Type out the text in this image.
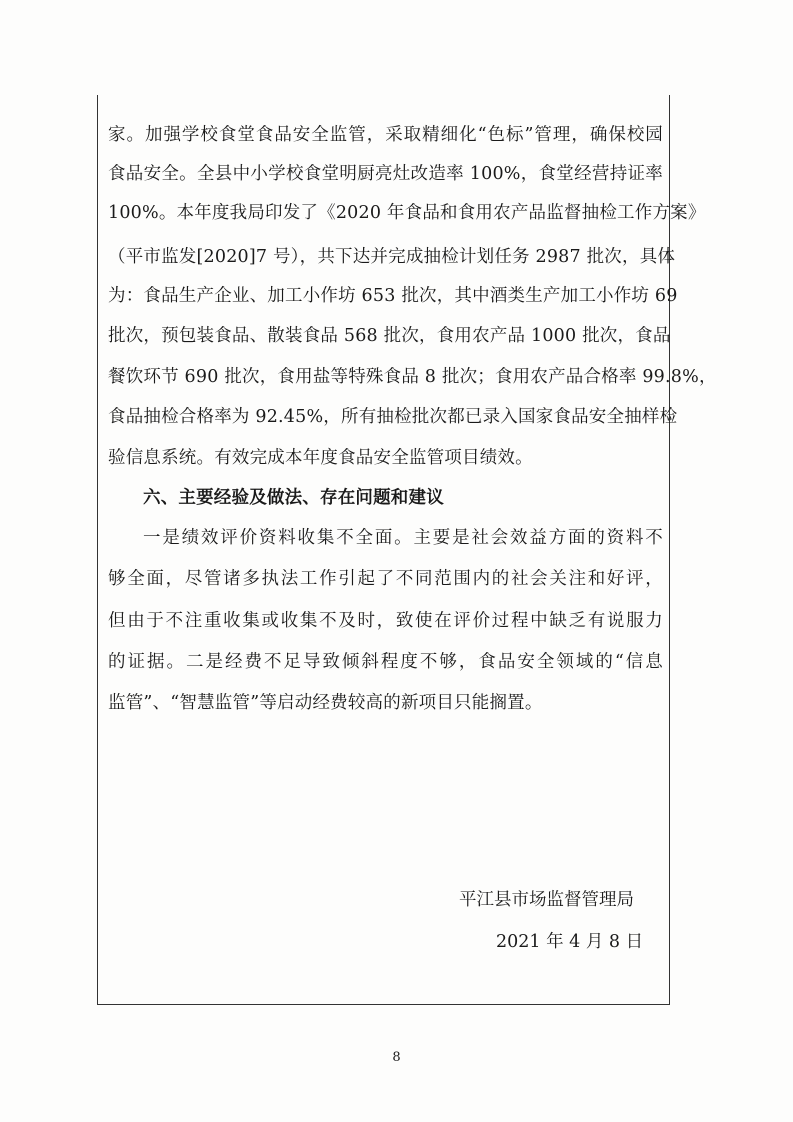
家。加强学校食堂食品安全监管，采取精细化“色标”管理，确保校园
食品安全。全县中小学校食堂明厨亮灶改造率 100%，食堂经营持证率
100%。本年度我局印发了《2020 年食品和食用农产品监督抽检工作方案》
（平市监发[2020]7 号），共下达并完成抽检计划任务 2987 批次，具体
为：食品生产企业、加工小作坊 653 批次，其中酒类生产加工小作坊 69
批次，预包装食品、散装食品 568 批次，食用农产品 1000 批次，食品
餐饮环节 690 批次，食用盐等特殊食品 8 批次；食用农产品合格率 99.8%，
食品抽检合格率为 92.45%，所有抽检批次都已录入国家食品安全抽样检
验信息系统。有效完成本年度食品安全监管项目绩效。
六、主要经验及做法、存在问题和建议
一是绩效评价资料收集不全面。主要是社会效益方面的资料不
够全面，尽管诸多执法工作引起了不同范围内的社会关注和好评，
但由于不注重收集或收集不及时，致使在评价过程中缺乏有说服力
的证据。二是经费不足导致倾斜程度不够，食品安全领域的“信息
监管”、“智慧监管”等启动经费较高的新项目只能搁置。
平江县市场监督管理局
2021 年 4 月 8 日
8
